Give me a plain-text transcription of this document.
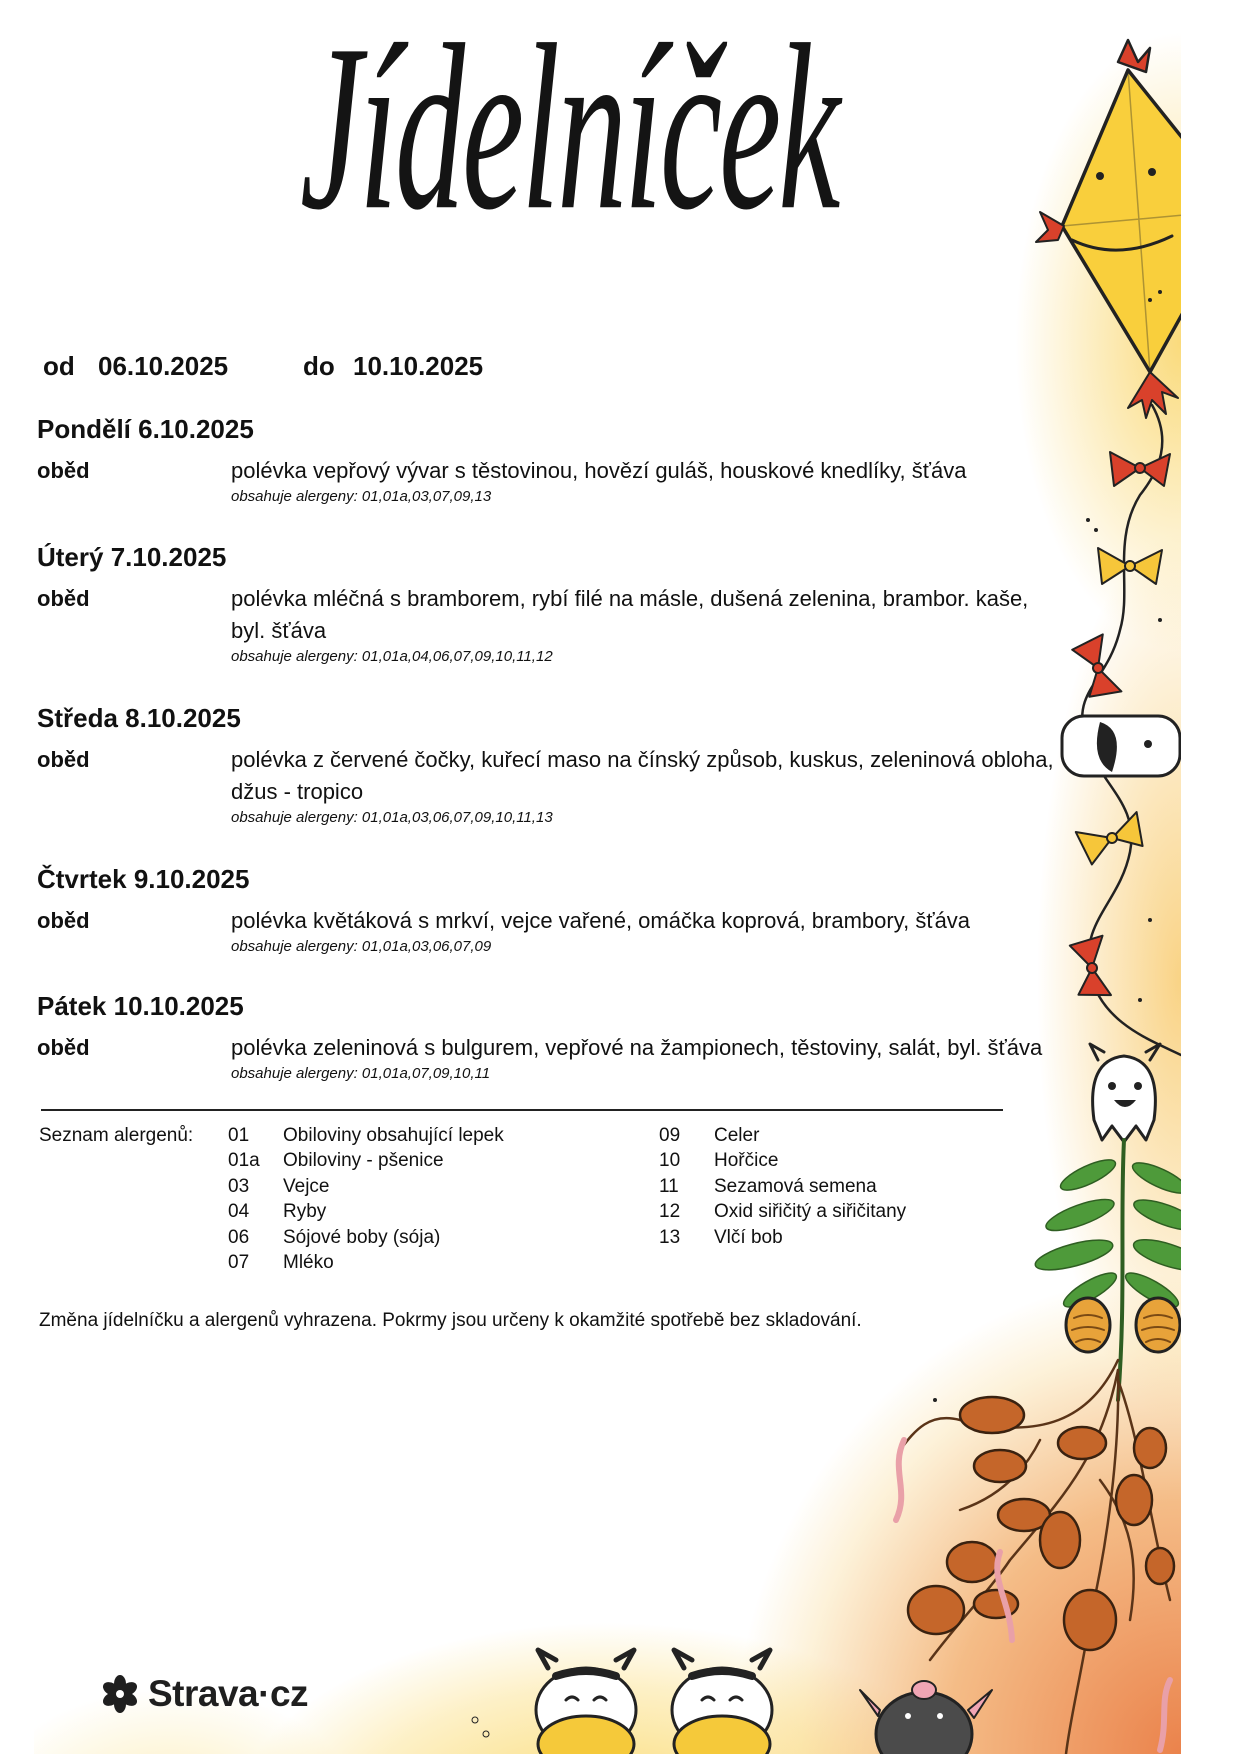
Jídelníček
od 06.10.2025	do 10.10.2025
Pondělí 6.10.2025
oběd	polévka vepřový vývar s těstovinou, hovězí guláš, houskové knedlíky, šťáva
obsahuje alergeny: 01,01a,03,07,09,13
Úterý 7.10.2025
oběd	polévka mléčná s bramborem, rybí filé na másle, dušená zelenina, brambor. kaše,
byl. šťáva
obsahuje alergeny: 01,01a,04,06,07,09,10,11,12
Středa 8.10.2025
oběd	polévka z červené čočky, kuřecí maso na čínský způsob, kuskus, zeleninová obloha,
džus - tropico
obsahuje alergeny: 01,01a,03,06,07,09,10,11,13
Čtvrtek 9.10.2025
oběd	polévka květáková s mrkví, vejce vařené, omáčka koprová, brambory, šťáva
obsahuje alergeny: 01,01a,03,06,07,09
Pátek 10.10.2025
oběd	polévka zeleninová s bulgurem, vepřové na žampionech, těstoviny, salát, byl. šťáva
obsahuje alergeny: 01,01a,07,09,10,11
Seznam alergenů: 01 Obiloviny obsahující lepek
01a Obiloviny - pšenice
03 Vejce
04 Ryby
06 Sójové boby (sója)
07 Mléko
09 Celer
10 Hořčice
11 Sezamová semena
12 Oxid siřičitý a siřičitany
13 Vlčí bob

Změna jídelníčku a alergenů vyhrazena. Pokrmy jsou určeny k okamžité spotřebě bez skladování.

Strava·cz
